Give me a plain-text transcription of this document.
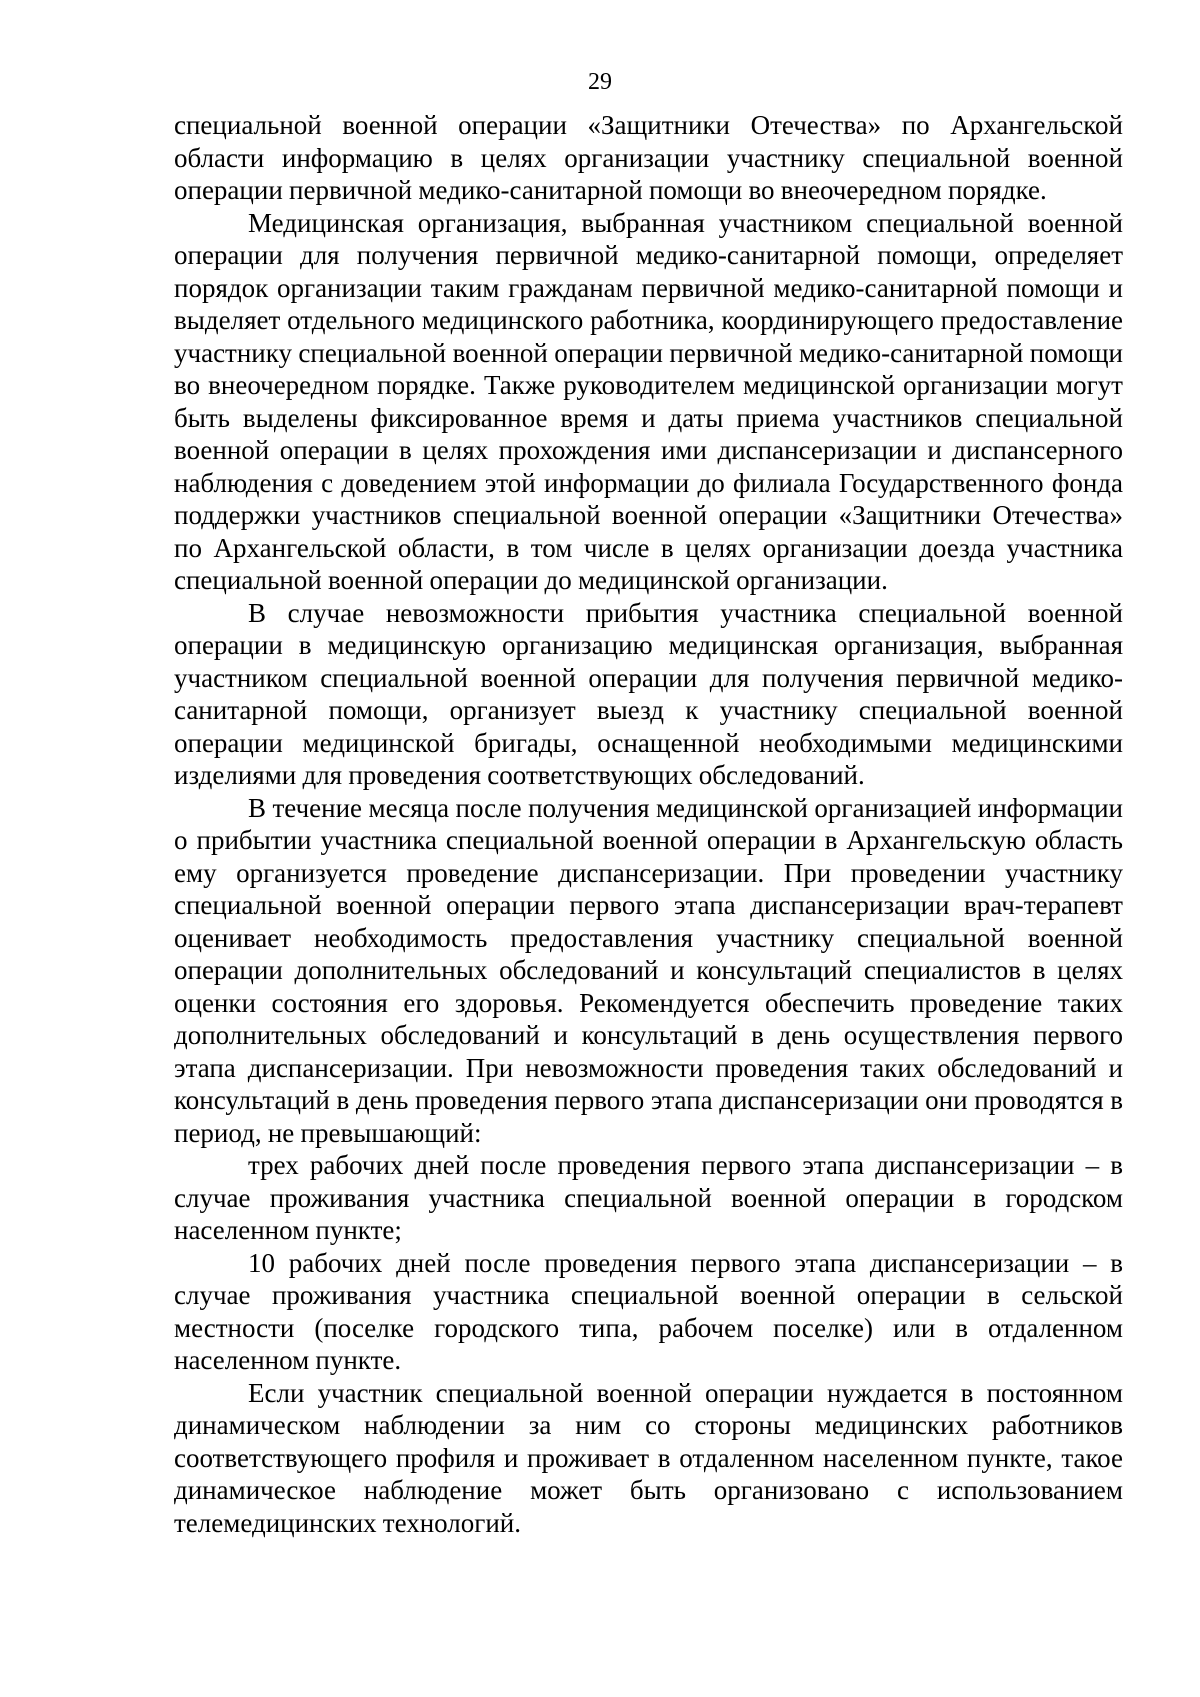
29

специальной военной операции «Защитники Отечества» по Архангельской области информацию в целях организации участнику специальной военной операции первичной медико-санитарной помощи во внеочередном порядке.

Медицинская организация, выбранная участником специальной военной операции для получения первичной медико-санитарной помощи, определяет порядок организации таким гражданам первичной медико-санитарной помощи и выделяет отдельного медицинского работника, координирующего предоставление участнику специальной военной операции первичной медико-санитарной помощи во внеочередном порядке. Также руководителем медицинской организации могут быть выделены фиксированное время и даты приема участников специальной военной операции в целях прохождения ими диспансеризации и диспансерного наблюдения с доведением этой информации до филиала Государственного фонда поддержки участников специальной военной операции «Защитники Отечества» по Архангельской области, в том числе в целях организации доезда участника специальной военной операции до медицинской организации.

В случае невозможности прибытия участника специальной военной операции в медицинскую организацию медицинская организация, выбранная участником специальной военной операции для получения первичной медико-санитарной помощи, организует выезд к участнику специальной военной операции медицинской бригады, оснащенной необходимыми медицинскими изделиями для проведения соответствующих обследований.

В течение месяца после получения медицинской организацией информации о прибытии участника специальной военной операции в Архангельскую область ему организуется проведение диспансеризации. При проведении участнику специальной военной операции первого этапа диспансеризации врач-терапевт оценивает необходимость предоставления участнику специальной военной операции дополнительных обследований и консультаций специалистов в целях оценки состояния его здоровья. Рекомендуется обеспечить проведение таких дополнительных обследований и консультаций в день осуществления первого этапа диспансеризации. При невозможности проведения таких обследований и консультаций в день проведения первого этапа диспансеризации они проводятся в период, не превышающий:

трех рабочих дней после проведения первого этапа диспансеризации – в случае проживания участника специальной военной операции в городском населенном пункте;

10 рабочих дней после проведения первого этапа диспансеризации – в случае проживания участника специальной военной операции в сельской местности (поселке городского типа, рабочем поселке) или в отдаленном населенном пункте.

Если участник специальной военной операции нуждается в постоянном динамическом наблюдении за ним со стороны медицинских работников соответствующего профиля и проживает в отдаленном населенном пункте, такое динамическое наблюдение может быть организовано с использованием телемедицинских технологий.
